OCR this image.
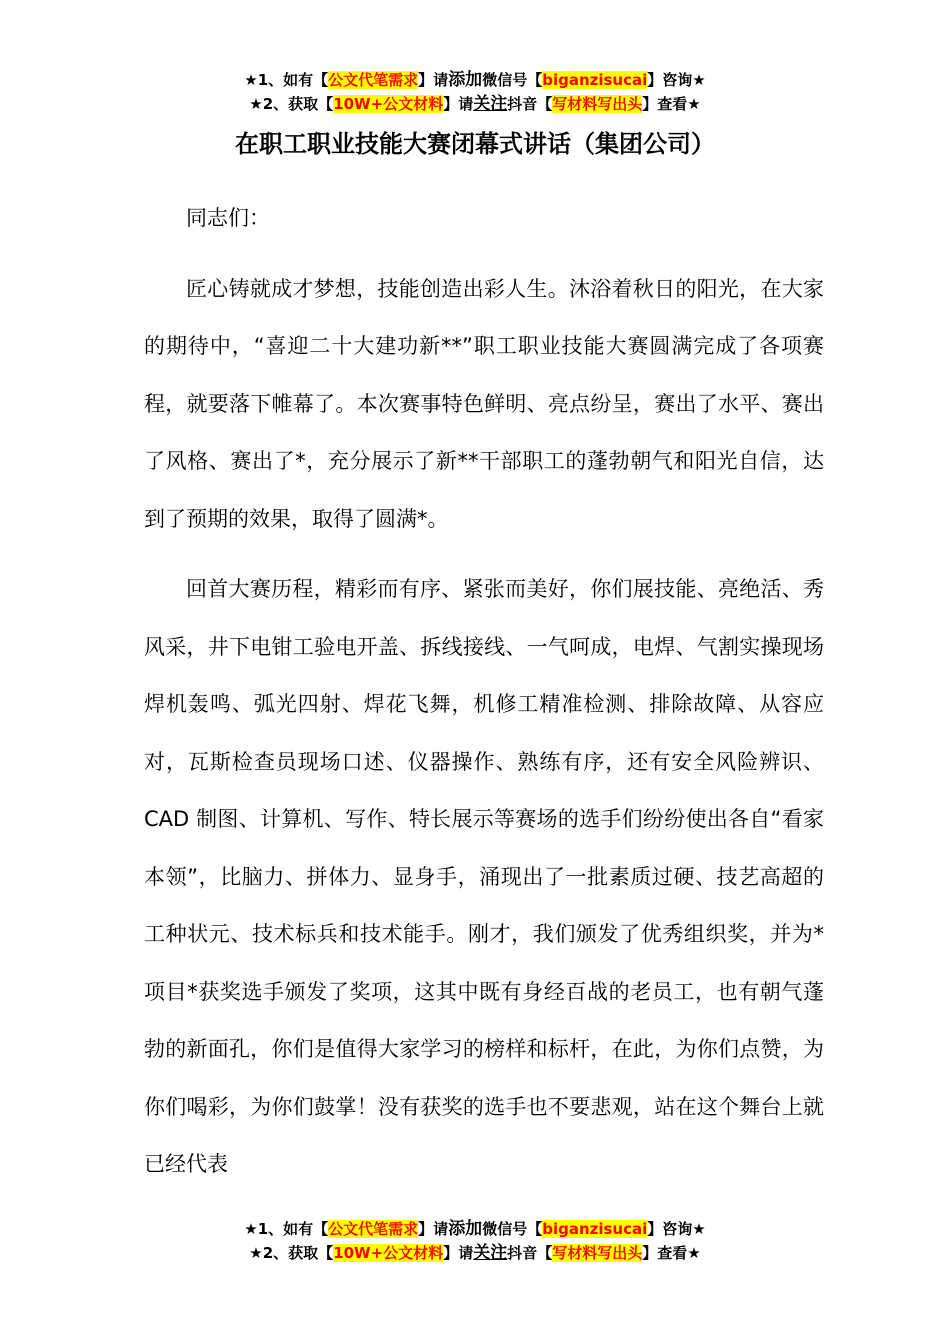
★1、如有【公文代笔需求】请添加微信号【biganzisucai】咨询★
★2、获取【10W+公文材料】请关注抖音【写材料写出头】查看★
在职工职业技能大赛闭幕式讲话（集团公司）

同志们：

匠心铸就成才梦想，技能创造出彩人生。沐浴着秋日的阳光，在大家的期待中，“喜迎二十大建功新**”职工职业技能大赛圆满完成了各项赛程，就要落下帷幕了。本次赛事特色鲜明、亮点纷呈，赛出了水平、赛出了风格、赛出了*，充分展示了新**干部职工的蓬勃朝气和阳光自信，达到了预期的效果，取得了圆满*。

回首大赛历程，精彩而有序、紧张而美好，你们展技能、亮绝活、秀风采，井下电钳工验电开盖、拆线接线、一气呵成，电焊、气割实操现场焊机轰鸣、弧光四射、焊花飞舞，机修工精准检测、排除故障、从容应对，瓦斯检查员现场口述、仪器操作、熟练有序，还有安全风险辨识、CAD 制图、计算机、写作、特长展示等赛场的选手们纷纷使出各自“看家本领”，比脑力、拼体力、显身手，涌现出了一批素质过硬、技艺高超的工种状元、技术标兵和技术能手。刚才，我们颁发了优秀组织奖，并为*项目*获奖选手颁发了奖项，这其中既有身经百战的老员工，也有朝气蓬勃的新面孔，你们是值得大家学习的榜样和标杆，在此，为你们点赞，为你们喝彩，为你们鼓掌！没有获奖的选手也不要悲观，站在这个舞台上就已经代表

★1、如有【公文代笔需求】请添加微信号【biganzisucai】咨询★
★2、获取【10W+公文材料】请关注抖音【写材料写出头】查看★
